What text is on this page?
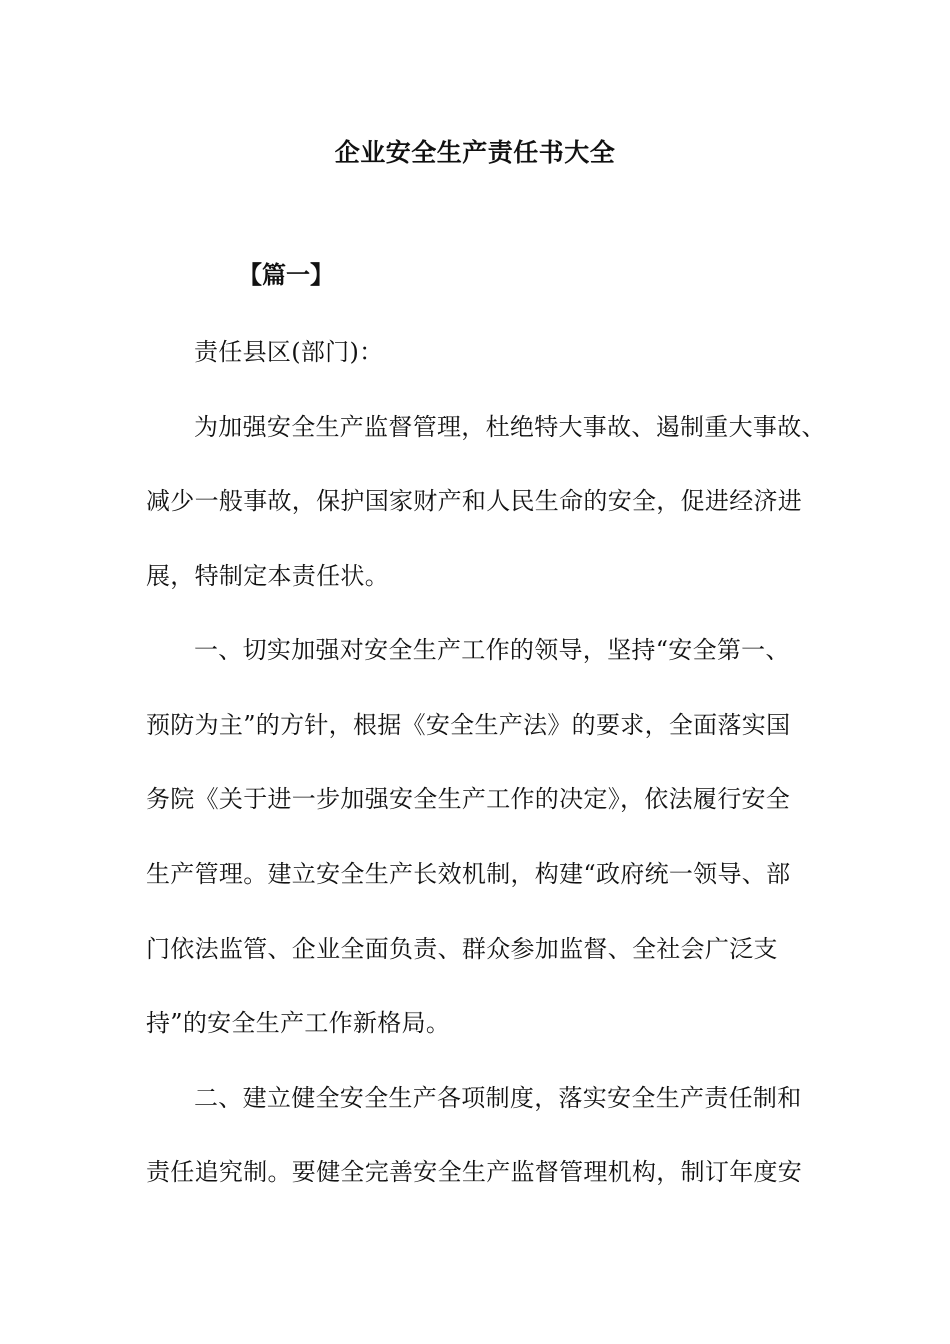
企业安全生产责任书大全
【篇一】
责任县区(部门)：
为加强安全生产监督管理，杜绝特大事故、遏制重大事故、
减少一般事故，保护国家财产和人民生命的安全，促进经济进
展，特制定本责任状。
一、切实加强对安全生产工作的领导，坚持“安全第一、
预防为主”的方针，根据《安全生产法》的要求，全面落实国
务院《关于进一步加强安全生产工作的决定》，依法履行安全
生产管理。建立安全生产长效机制，构建“政府统一领导、部
门依法监管、企业全面负责、群众参加监督、全社会广泛支
持”的安全生产工作新格局。
二、建立健全安全生产各项制度，落实安全生产责任制和
责任追究制。要健全完善安全生产监督管理机构，制订年度安
